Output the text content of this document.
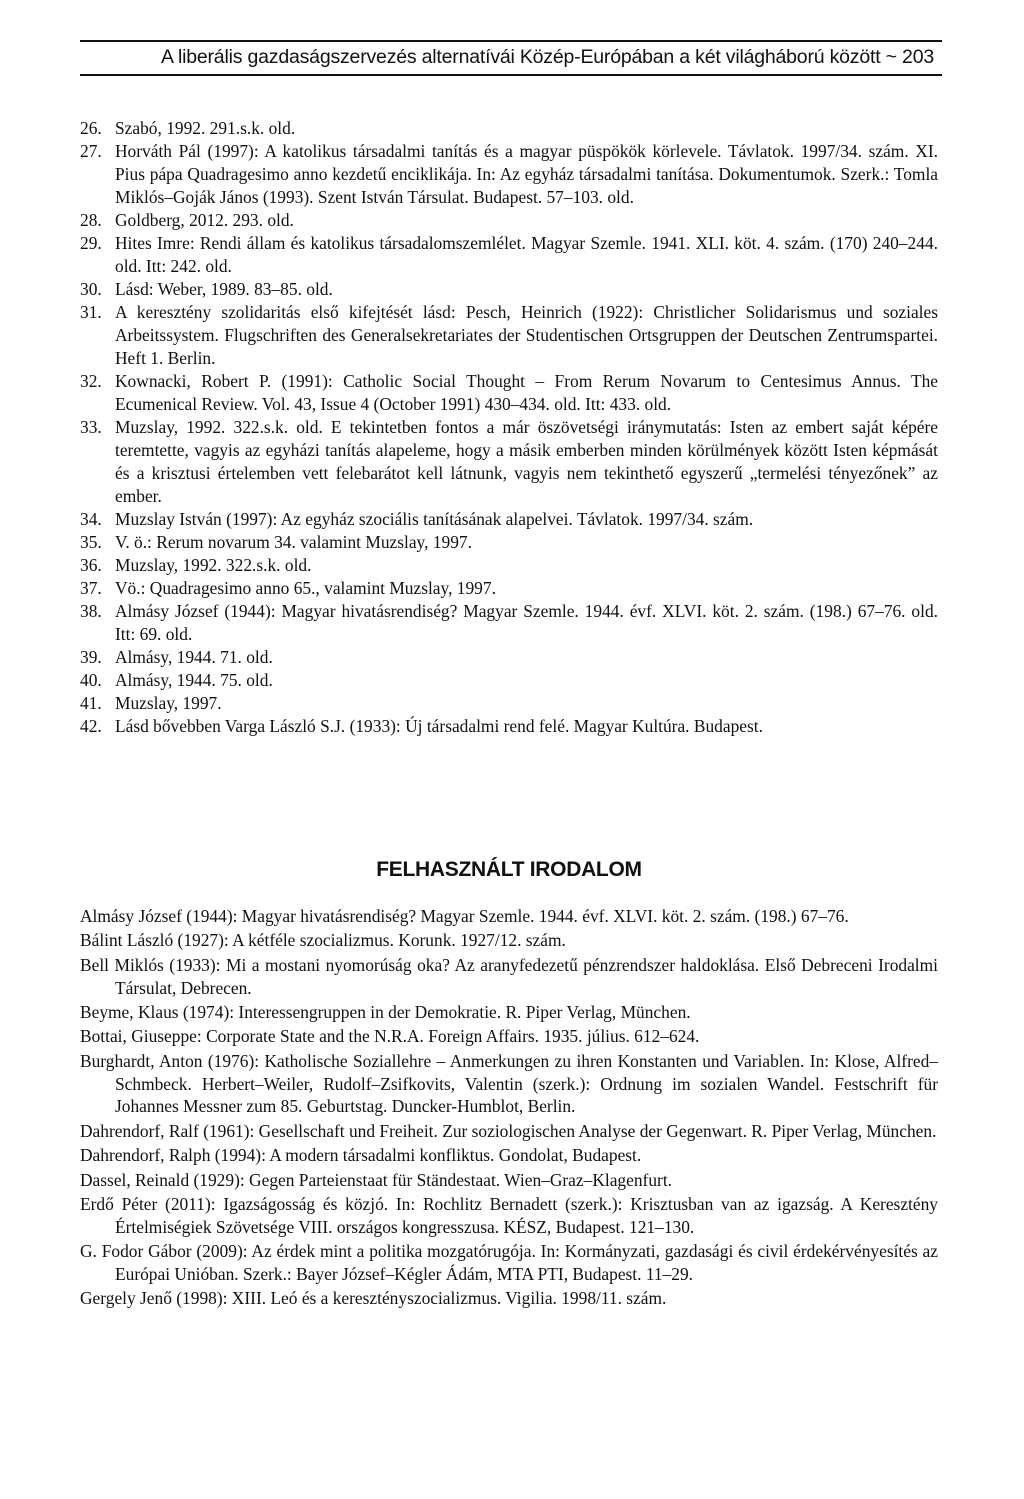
A liberális gazdaságszervezés alternatívái Közép-Európában a két világháború között ~ 203
26. Szabó, 1992. 291.s.k. old.
27. Horváth Pál (1997): A katolikus társadalmi tanítás és a magyar püspökök körlevele. Távlatok. 1997/34. szám. XI. Pius pápa Quadragesimo anno kezdetű enciklikája. In: Az egyház társadalmi tanítása. Dokumentumok. Szerk.: Tomla Miklós–Goják János (1993). Szent István Társulat. Budapest. 57–103. old.
28. Goldberg, 2012. 293. old.
29. Hites Imre: Rendi állam és katolikus társadalomszemlélet. Magyar Szemle. 1941. XLI. köt. 4. szám. (170) 240–244. old. Itt: 242. old.
30. Lásd: Weber, 1989. 83–85. old.
31. A keresztény szolidaritás első kifejtését lásd: Pesch, Heinrich (1922): Christlicher Solidarismus und soziales Arbeitssystem. Flugschriften des Generalsekretariates der Studentischen Ortsgruppen der Deutschen Zentrumspartei. Heft 1. Berlin.
32. Kownacki, Robert P. (1991): Catholic Social Thought – From Rerum Novarum to Centesimus Annus. The Ecumenical Review. Vol. 43, Issue 4 (October 1991) 430–434. old. Itt: 433. old.
33. Muzslay, 1992. 322.s.k. old. E tekintetben fontos a már öszövetségi iránymutatás: Isten az embert saját képére teremtette, vagyis az egyházi tanítás alapeleme, hogy a másik emberben minden körülmények között Isten képmását és a krisztusi értelemben vett felebarátot kell látnunk, vagyis nem tekinthető egyszerű „termelési tényezőnek” az ember.
34. Muzslay István (1997): Az egyház szociális tanításának alapelvei. Távlatok. 1997/34. szám.
35. V. ö.: Rerum novarum 34. valamint Muzslay, 1997.
36. Muzslay, 1992. 322.s.k. old.
37. Vö.: Quadragesimo anno 65., valamint Muzslay, 1997.
38. Almásy József (1944): Magyar hivatásrendiség? Magyar Szemle. 1944. évf. XLVI. köt. 2. szám. (198.) 67–76. old. Itt: 69. old.
39. Almásy, 1944. 71. old.
40. Almásy, 1944. 75. old.
41. Muzslay, 1997.
42. Lásd bővebben Varga László S.J. (1933): Új társadalmi rend felé. Magyar Kultúra. Budapest.
FELHASZNÁLT IRODALOM
Almásy József (1944): Magyar hivatásrendiség? Magyar Szemle. 1944. évf. XLVI. köt. 2. szám. (198.) 67–76.
Bálint László (1927): A kétféle szocializmus. Korunk. 1927/12. szám.
Bell Miklós (1933): Mi a mostani nyomorúság oka? Az aranyfedezetű pénzrendszer haldoklása. Első Debreceni Irodalmi Társulat, Debrecen.
Beyme, Klaus (1974): Interessengruppen in der Demokratie. R. Piper Verlag, München.
Bottai, Giuseppe: Corporate State and the N.R.A. Foreign Affairs. 1935. július. 612–624.
Burghardt, Anton (1976): Katholische Soziallehre – Anmerkungen zu ihren Konstanten und Variablen. In: Klose, Alfred–Schmbeck. Herbert–Weiler, Rudolf–Zsifkovits, Valentin (szerk.): Ordnung im sozialen Wandel. Festschrift für Johannes Messner zum 85. Geburtstag. Duncker-Humblot, Berlin.
Dahrendorf, Ralf (1961): Gesellschaft und Freiheit. Zur soziologischen Analyse der Gegenwart. R. Piper Verlag, München.
Dahrendorf, Ralph (1994): A modern társadalmi konfliktus. Gondolat, Budapest.
Dassel, Reinald (1929): Gegen Parteienstaat für Ständestaat. Wien–Graz–Klagenfurt.
Erdő Péter (2011): Igazságosság és közjó. In: Rochlitz Bernadett (szerk.): Krisztusban van az igazság. A Keresztény Értelmiségiek Szövetsége VIII. országos kongresszusa. KÉSZ, Budapest. 121–130.
G. Fodor Gábor (2009): Az érdek mint a politika mozgatórugója. In: Kormányzati, gazdasági és civil érdekérvényesítés az Európai Unióban. Szerk.: Bayer József–Kégler Ádám, MTA PTI, Budapest. 11–29.
Gergely Jenő (1998): XIII. Leó és a keresztényszocializmus. Vigilia. 1998/11. szám.
